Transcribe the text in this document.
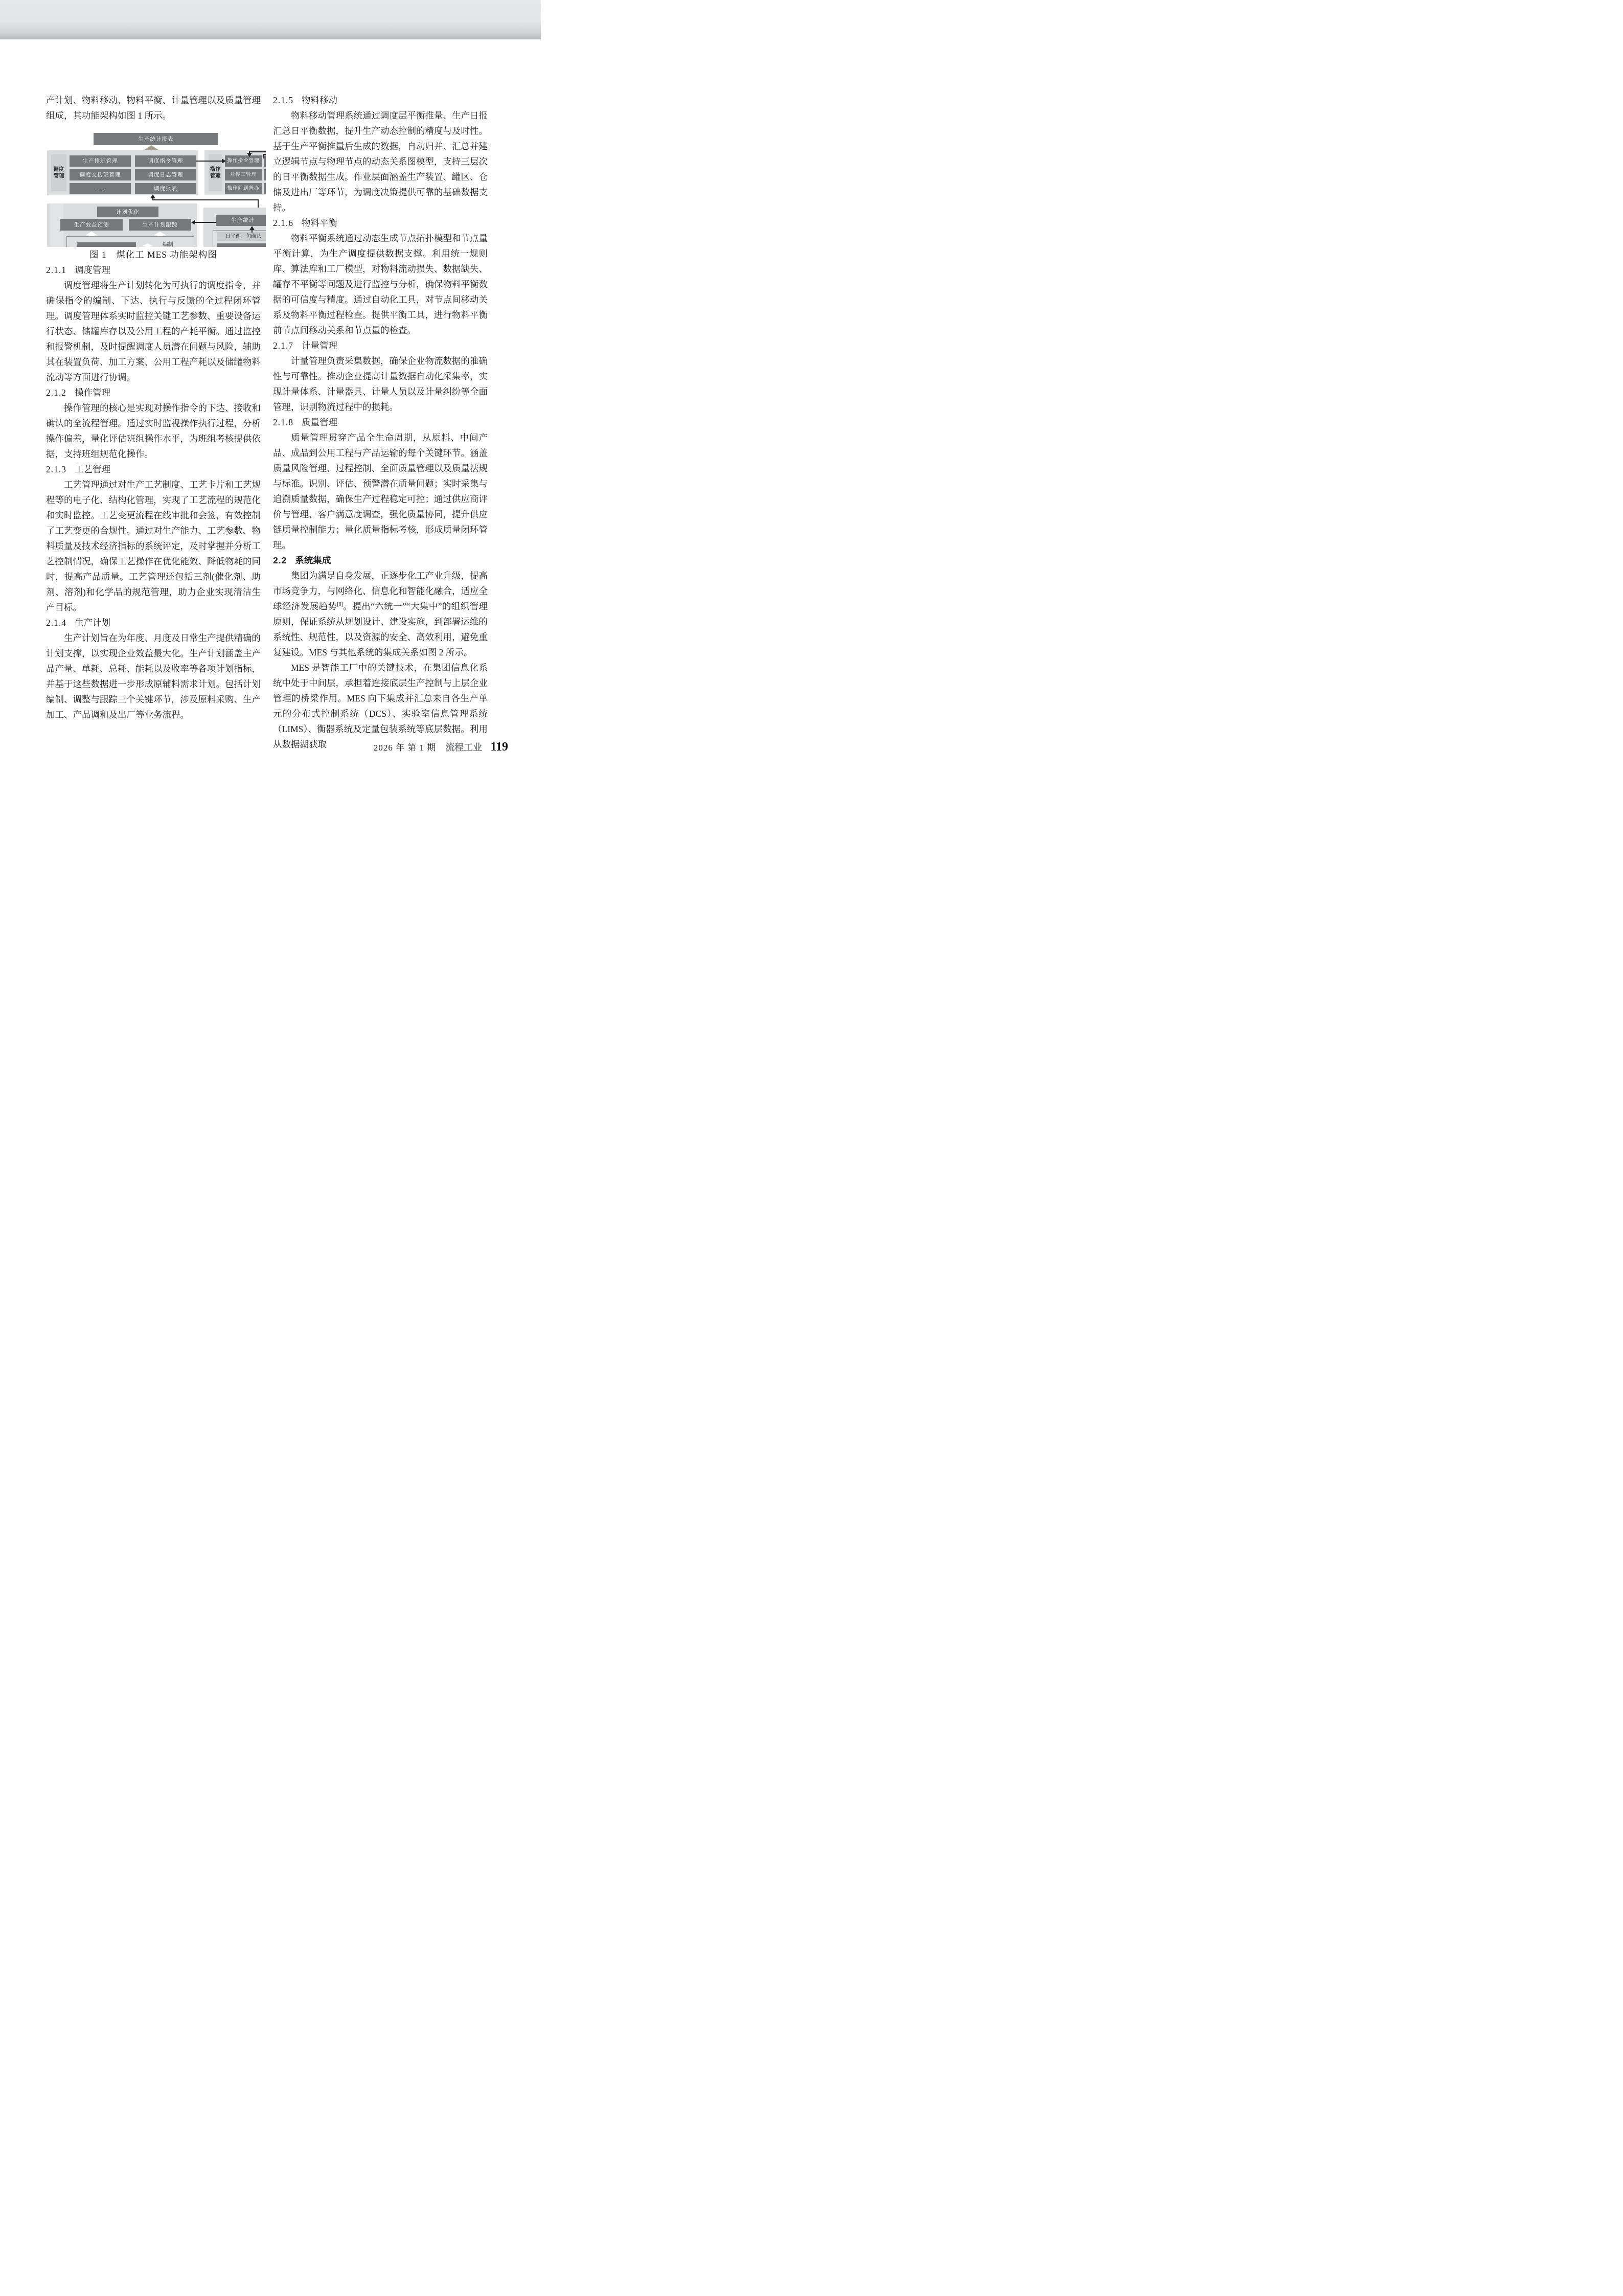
产计划、物料移动、物料平衡、计量管理以及质量管理组成，其功能架构如图 1 所示。

生产统计报表
调度
管理
生产排班管理	调度指令管理
调度交接班管理	调度日志管理
……	调度报表
操作
管理
操作指令管理
开停工管理
操作问题督办
计划优化
生产效益预测	生产计划跟踪
编制
生产统计
日平衡、旬确认
图 1　煤化工 MES 功能架构图
2.1.1 调度管理

调度管理将生产计划转化为可执行的调度指令，并确保指令的编制、下达、执行与反馈的全过程闭环管理。调度管理体系实时监控关键工艺参数、重要设备运行状态、储罐库存以及公用工程的产耗平衡。通过监控和报警机制，及时提醒调度人员潜在问题与风险，辅助其在装置负荷、加工方案、公用工程产耗以及储罐物料流动等方面进行协调。

2.1.2 操作管理

操作管理的核心是实现对操作指令的下达、接收和确认的全流程管理。通过实时监视操作执行过程，分析操作偏差，量化评估班组操作水平，为班组考核提供依据，支持班组规范化操作。

2.1.3 工艺管理

工艺管理通过对生产工艺制度、工艺卡片和工艺规程等的电子化、结构化管理，实现了工艺流程的规范化和实时监控。工艺变更流程在线审批和会签，有效控制了工艺变更的合规性。通过对生产能力、工艺参数、物料质量及技术经济指标的系统评定，及时掌握并分析工艺控制情况，确保工艺操作在优化能效、降低物耗的同时，提高产品质量。工艺管理还包括三剂(催化剂、助剂、溶剂)和化学品的规范管理，助力企业实现清洁生产目标。

2.1.4 生产计划

生产计划旨在为年度、月度及日常生产提供精确的计划支撑，以实现企业效益最大化。生产计划涵盖主产品产量、单耗、总耗、能耗以及收率等各项计划指标，并基于这些数据进一步形成原辅料需求计划。包括计划编制、调整与跟踪三个关键环节，涉及原料采购、生产加工、产品调和及出厂等业务流程。

2.1.5 物料移动

物料移动管理系统通过调度层平衡推量、生产日报汇总日平衡数据，提升生产动态控制的精度与及时性。基于生产平衡推量后生成的数据，自动归并、汇总并建立逻辑节点与物理节点的动态关系图模型，支持三层次的日平衡数据生成。作业层面涵盖生产装置、罐区、仓储及进出厂等环节，为调度决策提供可靠的基础数据支持。

2.1.6 物料平衡

物料平衡系统通过动态生成节点拓扑模型和节点量平衡计算，为生产调度提供数据支撑。利用统一规则库、算法库和工厂模型，对物料流动损失、数据缺失、罐存不平衡等问题及进行监控与分析，确保物料平衡数据的可信度与精度。通过自动化工具，对节点间移动关系及物料平衡过程检查。提供平衡工具，进行物料平衡前节点间移动关系和节点量的检查。

2.1.7 计量管理

计量管理负责采集数据，确保企业物流数据的准确性与可靠性。推动企业提高计量数据自动化采集率，实现计量体系、计量器具、计量人员以及计量纠纷等全面管理，识别物流过程中的损耗。

2.1.8 质量管理

质量管理贯穿产品全生命周期，从原料、中间产品、成品到公用工程与产品运输的每个关键环节。涵盖质量风险管理、过程控制、全面质量管理以及质量法规与标准。识别、评估、预警潜在质量问题；实时采集与追溯质量数据，确保生产过程稳定可控；通过供应商评价与管理、客户满意度调查，强化质量协同，提升供应链质量控制能力；量化质量指标考核，形成质量闭环管理。

2.2 系统集成

集团为满足自身发展，正逐步化工产业升级，提高市场竞争力，与网络化、信息化和智能化融合，适应全球经济发展趋势[8]。提出“六统一”“大集中”的组织管理原则，保证系统从规划设计、建设实施，到部署运维的系统性、规范性，以及资源的安全、高效利用，避免重复建设。MES 与其他系统的集成关系如图 2 所示。

MES 是智能工厂中的关键技术，在集团信息化系统中处于中间层，承担着连接底层生产控制与上层企业管理的桥梁作用。MES 向下集成并汇总来自各生产单元的分布式控制系统（DCS）、实验室信息管理系统（LIMS）、衡器系统及定量包装系统等底层数据。利用从数据湖获取	2026 年 第 1 期 流程工业 119
